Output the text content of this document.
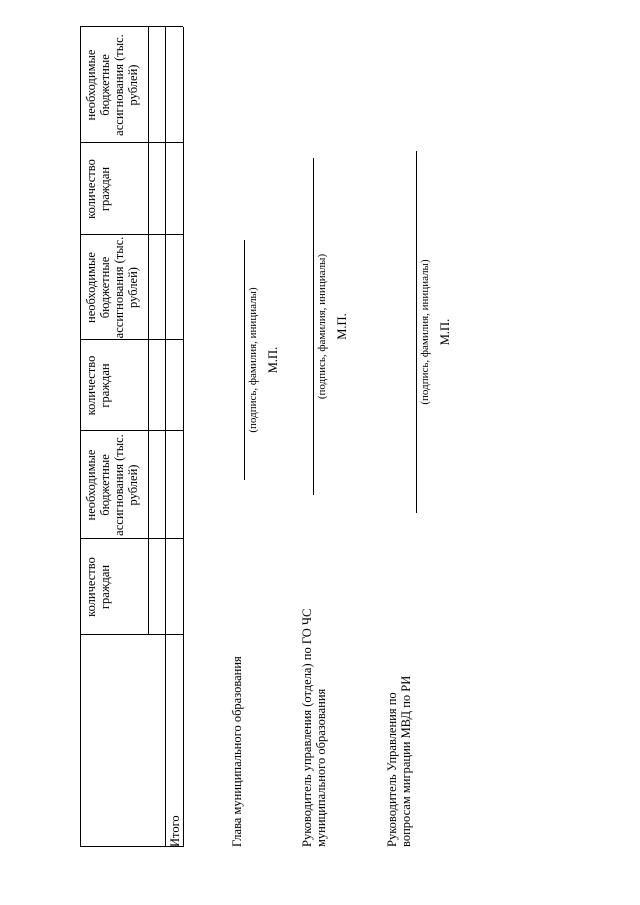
количество граждан
необходимые бюджетные ассигнования (тыс. рублей)
количество граждан
необходимые бюджетные ассигнования (тыс. рублей)
количество граждан
необходимые бюджетные ассигнования (тыс. рублей)
Итого	Глава муниципального образования
(подпись, фамилия, инициалы) М.П.
Руководитель управления (отдела) по ГО ЧС муниципального образования
(подпись, фамилия, инициалы) М.П.
Руководитель Управления по вопросам миграции МВД по РИ
(подпись, фамилия, инициалы) М.П.
